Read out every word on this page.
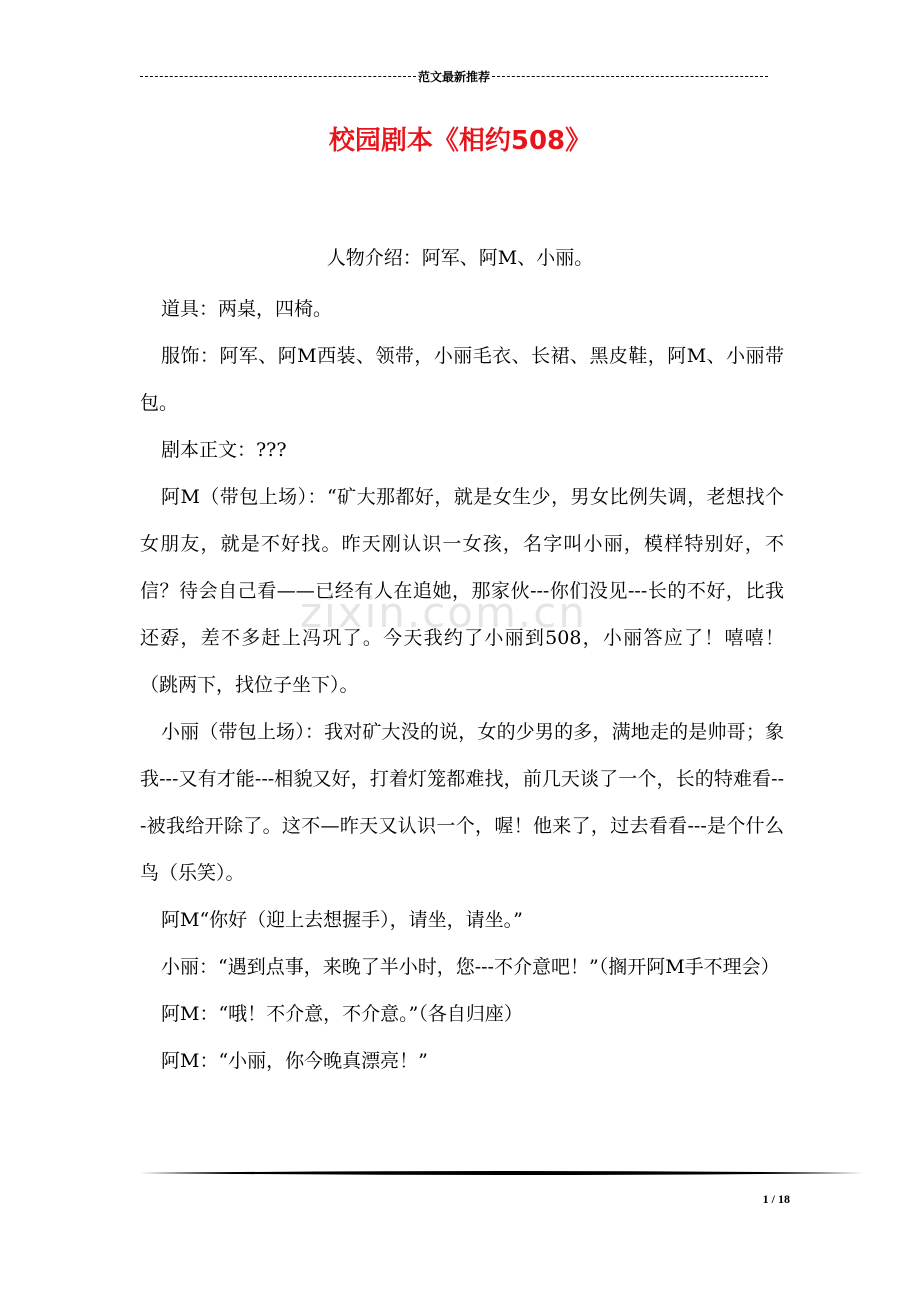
范文最新推荐
校园剧本《相约508》
人物介绍：阿军、阿M、小丽。

道具：两桌，四椅。

服饰：阿军、阿M西装、领带，小丽毛衣、长裙、黑皮鞋，阿M、小丽带包。

剧本正文：???

阿M（带包上场）：“矿大那都好，就是女生少，男女比例失调，老想找个女朋友，就是不好找。昨天刚认识一女孩，名字叫小丽，模样特别好，不信？待会自己看——已经有人在追她，那家伙---你们没见---长的不好，比我还孬，差不多赶上冯巩了。今天我约了小丽到508，小丽答应了！嘻嘻！（跳两下，找位子坐下）。

小丽（带包上场）：我对矿大没的说，女的少男的多，满地走的是帅哥；象我---又有才能---相貌又好，打着灯笼都难找，前几天谈了一个，长的特难看---被我给开除了。这不—昨天又认识一个，喔！他来了，过去看看---是个什么鸟（乐笑）。

阿M“你好（迎上去想握手），请坐，请坐。”

小丽：“遇到点事，来晚了半小时，您---不介意吧！”（搁开阿M手不理会）

阿M：“哦！不介意，不介意。”（各自归座）

阿M：“小丽，你今晚真漂亮！”

zixin.com.cn
1 / 18
